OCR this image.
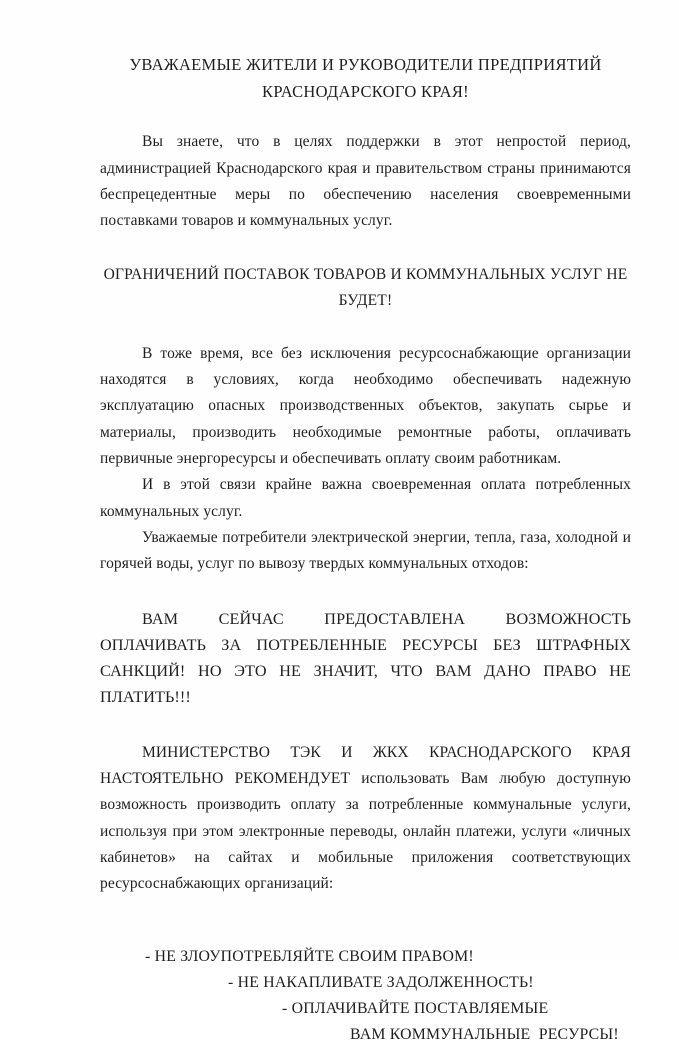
УВАЖАЕМЫЕ ЖИТЕЛИ И РУКОВОДИТЕЛИ ПРЕДПРИЯТИЙ
КРАСНОДАРСКОГО КРАЯ!

Вы знаете, что в целях поддержки в этот непростой период, администрацией Краснодарского края и правительством страны принимаются беспрецедентные меры по обеспечению населения своевременными поставками товаров и коммунальных услуг.

ОГРАНИЧЕНИЙ ПОСТАВОК ТОВАРОВ И КОММУНАЛЬНЫХ УСЛУГ НЕ БУДЕТ!

В тоже время, все без исключения ресурсоснабжающие организации находятся в условиях, когда необходимо обеспечивать надежную эксплуатацию опасных производственных объектов, закупать сырье и материалы, производить необходимые ремонтные работы, оплачивать первичные энергоресурсы и обеспечивать оплату своим работникам.

И в этой связи крайне важна своевременная оплата потребленных коммунальных услуг.

Уважаемые потребители электрической энергии, тепла, газа, холодной и горячей воды, услуг по вывозу твердых коммунальных отходов:

ВАМ СЕЙЧАС ПРЕДОСТАВЛЕНА ВОЗМОЖНОСТЬ ОПЛАЧИВАТЬ ЗА ПОТРЕБЛЕННЫЕ РЕСУРСЫ БЕЗ ШТРАФНЫХ САНКЦИЙ! НО ЭТО НЕ ЗНАЧИТ, ЧТО ВАМ ДАНО ПРАВО НЕ ПЛАТИТЬ!!!

МИНИСТЕРСТВО ТЭК И ЖКХ КРАСНОДАРСКОГО КРАЯ НАСТОЯТЕЛЬНО РЕКОМЕНДУЕТ использовать Вам любую доступную возможность производить оплату за потребленные коммунальные услуги, используя при этом электронные переводы, онлайн платежи, услуги «личных кабинетов» на сайтах и мобильные приложения соответствующих ресурсоснабжающих организаций:

- НЕ ЗЛОУПОТРЕБЛЯЙТЕ СВОИМ ПРАВОМ!
- НЕ НАКАПЛИВАТЕ ЗАДОЛЖЕННОСТЬ!
- ОПЛАЧИВАЙТЕ ПОСТАВЛЯЕМЫЕ
ВАМ КОММУНАЛЬНЫЕ  РЕСУРСЫ!
